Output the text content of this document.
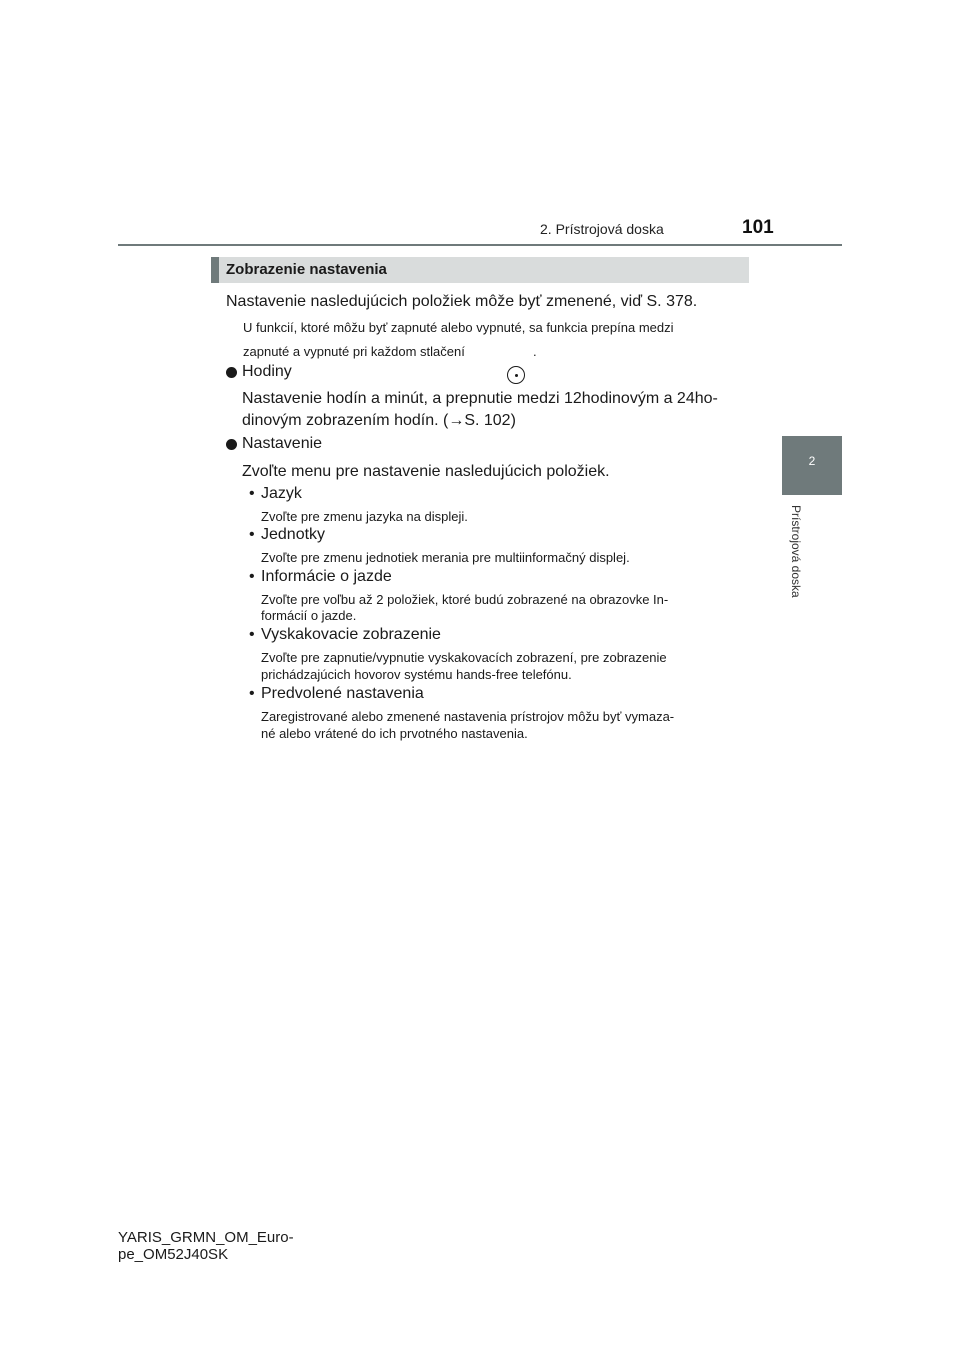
2. Prístrojová doska	101
2
Prístrojová doska
Zobrazenie nastavenia
Nastavenie nasledujúcich položiek môže byť zmenené, viď S. 378.
U funkcií, ktoré môžu byť zapnuté alebo vypnuté, sa funkcia prepína medzi
zapnuté a vypnuté pri každom stlačení	.
Hodiny
Nastavenie hodín a minút, a prepnutie medzi 12hodinovým a 24ho-
dinovým zobrazením hodín. (→S. 102)
Nastavenie
Zvoľte menu pre nastavenie nasledujúcich položiek.
• Jazyk
Zvoľte pre zmenu jazyka na displeji.
• Jednotky
Zvoľte pre zmenu jednotiek merania pre multiinformačný displej.
• Informácie o jazde
Zvoľte pre voľbu až 2 položiek, ktoré budú zobrazené na obrazovke In-
formácií o jazde.
• Vyskakovacie zobrazenie
Zvoľte pre zapnutie/vypnutie vyskakovacích zobrazení, pre zobrazenie
prichádzajúcich hovorov systému hands-free telefónu.
• Predvolené nastavenia
Zaregistrované alebo zmenené nastavenia prístrojov môžu byť vymaza-
né alebo vrátené do ich prvotného nastavenia.
YARIS_GRMN_OM_Euro-
pe_OM52J40SK
